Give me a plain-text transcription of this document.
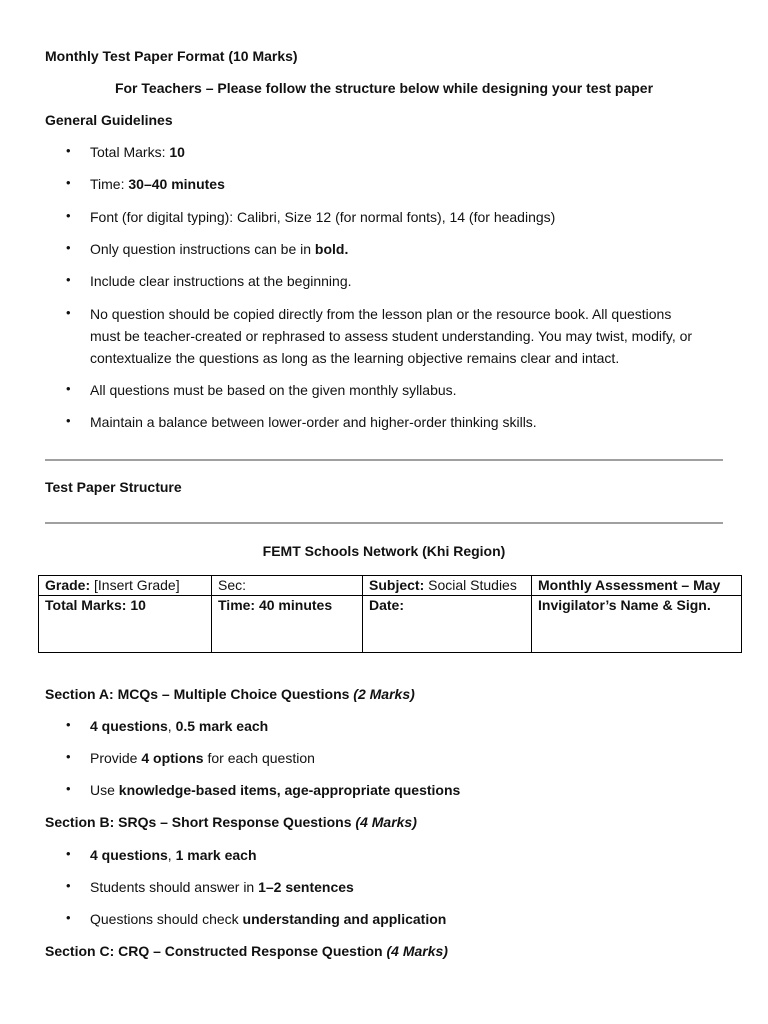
Monthly Test Paper Format (10 Marks)
For Teachers – Please follow the structure below while designing your test paper
General Guidelines
• Total Marks: 10
• Time: 30–40 minutes
• Font (for digital typing): Calibri, Size 12 (for normal fonts), 14 (for headings)
• Only question instructions can be in bold.
• Include clear instructions at the beginning.
• No question should be copied directly from the lesson plan or the resource book. All questions
must be teacher-created or rephrased to assess student understanding. You may twist, modify, or
contextualize the questions as long as the learning objective remains clear and intact.
• All questions must be based on the given monthly syllabus.
• Maintain a balance between lower-order and higher-order thinking skills.
Test Paper Structure
FEMT Schools Network (Khi Region)
Grade: [Insert Grade]	Sec:	Subject: Social Studies	Monthly Assessment – May
Total Marks: 10	Time: 40 minutes	Date:	Invigilator’s Name & Sign.
Section A: MCQs – Multiple Choice Questions (2 Marks)
• 4 questions, 0.5 mark each
• Provide 4 options for each question
• Use knowledge-based items, age-appropriate questions
Section B: SRQs – Short Response Questions (4 Marks)
• 4 questions, 1 mark each
• Students should answer in 1–2 sentences
• Questions should check understanding and application
Section C: CRQ – Constructed Response Question (4 Marks)
